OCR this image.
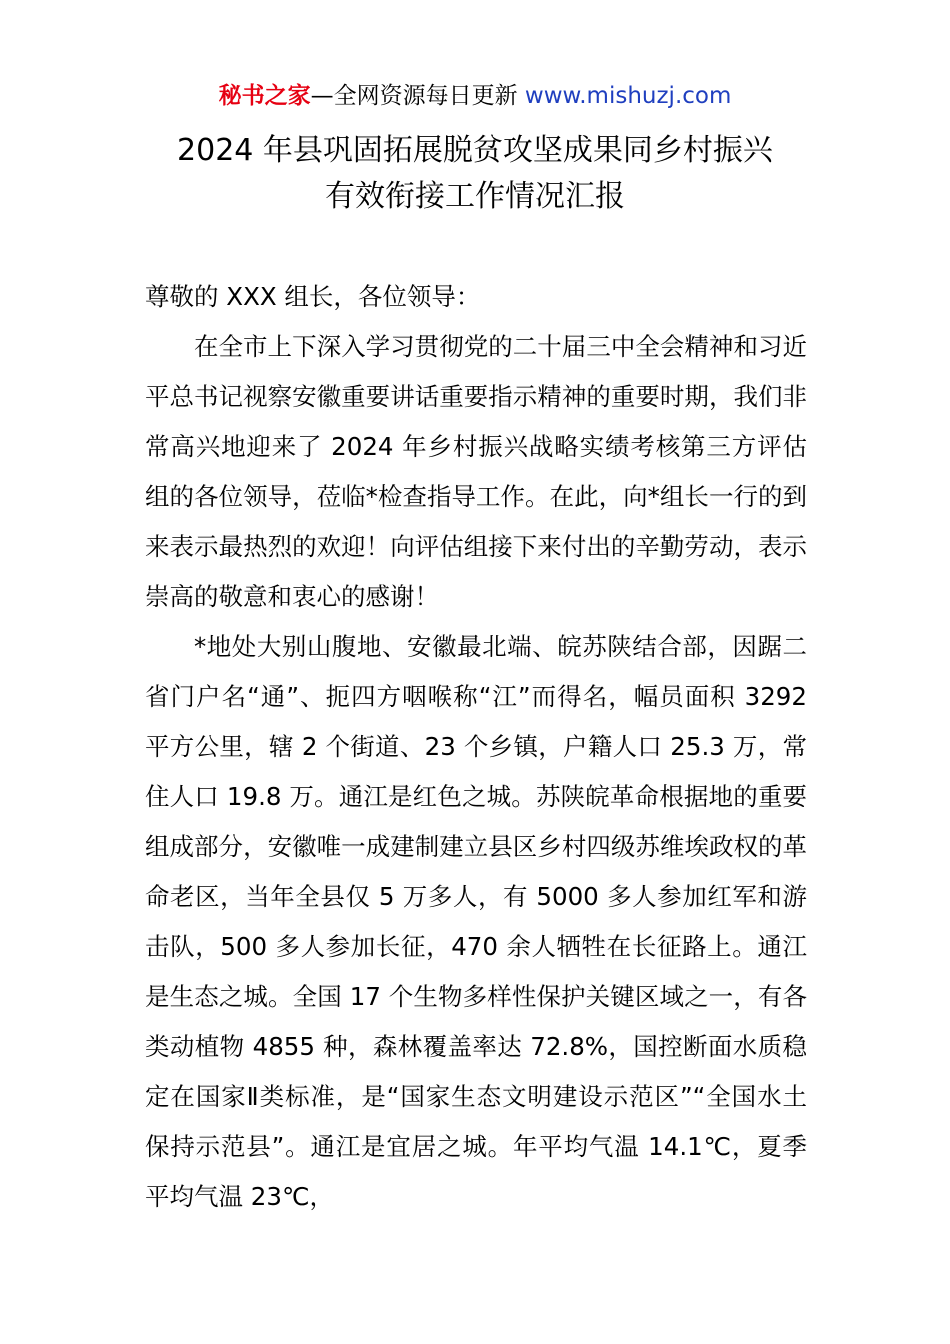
秘书之家—全网资源每日更新 www.mishuzj.com
2024 年县巩固拓展脱贫攻坚成果同乡村振兴
有效衔接工作情况汇报

尊敬的 XXX 组长，各位领导：

在全市上下深入学习贯彻党的二十届三中全会精神和习近平总书记视察安徽重要讲话重要指示精神的重要时期，我们非常高兴地迎来了 2024 年乡村振兴战略实绩考核第三方评估组的各位领导，莅临*检查指导工作。在此，向*组长一行的到来表示最热烈的欢迎！向评估组接下来付出的辛勤劳动，表示崇高的敬意和衷心的感谢！

*地处大别山腹地、安徽最北端、皖苏陕结合部，因踞二省门户名“通”、扼四方咽喉称“江”而得名，幅员面积 3292 平方公里，辖 2 个街道、23 个乡镇，户籍人口 25.3 万，常住人口 19.8 万。通江是红色之城。苏陕皖革命根据地的重要组成部分，安徽唯一成建制建立县区乡村四级苏维埃政权的革命老区，当年全县仅 5 万多人，有 5000 多人参加红军和游击队，500 多人参加长征，470 余人牺牲在长征路上。通江是生态之城。全国 17 个生物多样性保护关键区域之一，有各类动植物 4855 种，森林覆盖率达 72.8%，国控断面水质稳定在国家Ⅱ类标准，是“国家生态文明建设示范区”“全国水土保持示范县”。通江是宜居之城。年平均气温 14.1℃，夏季平均气温 23℃，
